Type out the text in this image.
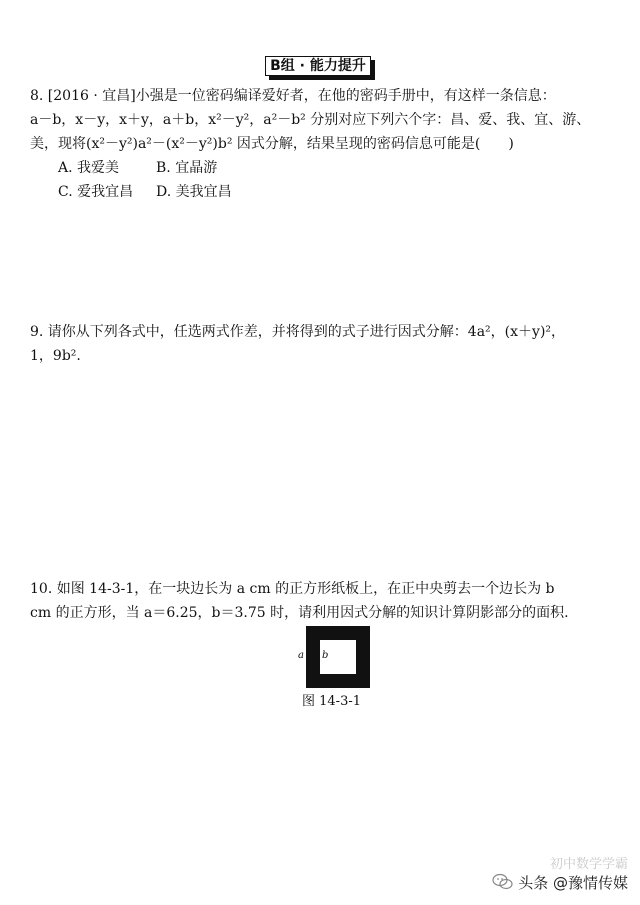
B组 · 能力提升
8. [2016 · 宜昌]小强是一位密码编译爱好者，在他的密码手册中，有这样一条信息：
a－b，x－y，x＋y，a＋b，x²－y²，a²－b² 分别对应下列六个字：昌、爱、我、宜、游、
美，现将(x²－y²)a²－(x²－y²)b² 因式分解，结果呈现的密码信息可能是(　　)
A. 我爱美	B. 宜晶游
C. 爱我宜昌 D. 美我宜昌
9. 请你从下列各式中，任选两式作差，并将得到的式子进行因式分解：4a²，(x＋y)²，
1，9b².
10. 如图 14-3-1，在一块边长为 a cm 的正方形纸板上，在正中央剪去一个边长为 b
cm 的正方形，当 a＝6.25，b＝3.75 时，请利用因式分解的知识计算阴影部分的面积.
a b
图 14-3-1
初中数学学霸
头条 @豫情传媒
